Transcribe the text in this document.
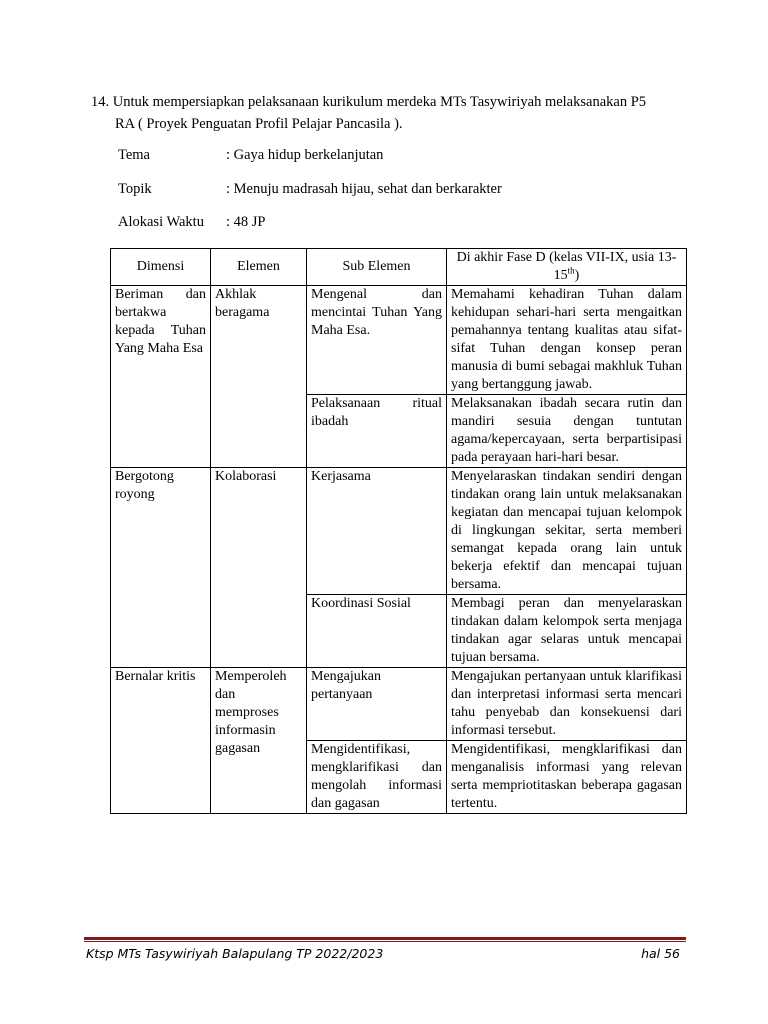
14. Untuk mempersiapkan pelaksanaan kurikulum merdeka MTs Tasywiriyah melaksanakan P5
RA ( Proyek Penguatan Profil Pelajar Pancasila ).
Tema	: Gaya hidup berkelanjutan
Topik	: Menuju madrasah hijau, sehat dan berkarakter
Alokasi Waktu : 48 JP
Dimensi	Elemen	Sub Elemen	Di akhir Fase D (kelas VII-IX, usia 13-15th)
Beriman dan bertakwa kepada Tuhan Yang Maha Esa	Akhlak beragama	Mengenal dan mencintai Tuhan Yang Maha Esa.	Memahami kehadiran Tuhan dalam kehidupan sehari-hari serta mengaitkan pemahannya tentang kualitas atau sifat-sifat Tuhan dengan konsep peran manusia di bumi sebagai makhluk Tuhan yang bertanggung jawab.
		Pelaksanaan ritual ibadah	Melaksanakan ibadah secara rutin dan mandiri sesuia dengan tuntutan agama/kepercayaan, serta berpartisipasi pada perayaan hari-hari besar.
Bergotong royong	Kolaborasi	Kerjasama	Menyelaraskan tindakan sendiri dengan tindakan orang lain untuk melaksanakan kegiatan dan mencapai tujuan kelompok di lingkungan sekitar, serta memberi semangat kepada orang lain untuk bekerja efektif dan mencapai tujuan bersama.
		Koordinasi Sosial	Membagi peran dan menyelaraskan tindakan dalam kelompok serta menjaga tindakan agar selaras untuk mencapai tujuan bersama.
Bernalar kritis	Memperoleh dan memproses informasin gagasan	Mengajukan pertanyaan	Mengajukan pertanyaan untuk klarifikasi dan interpretasi informasi serta mencari tahu penyebab dan konsekuensi dari informasi tersebut.
		Mengidentifikasi, mengklarifikasi dan mengolah informasi dan gagasan	Mengidentifikasi, mengklarifikasi dan menganalisis informasi yang relevan serta mempriotitaskan beberapa gagasan tertentu.
Ktsp MTs Tasywiriyah Balapulang TP 2022/2023	hal 56
